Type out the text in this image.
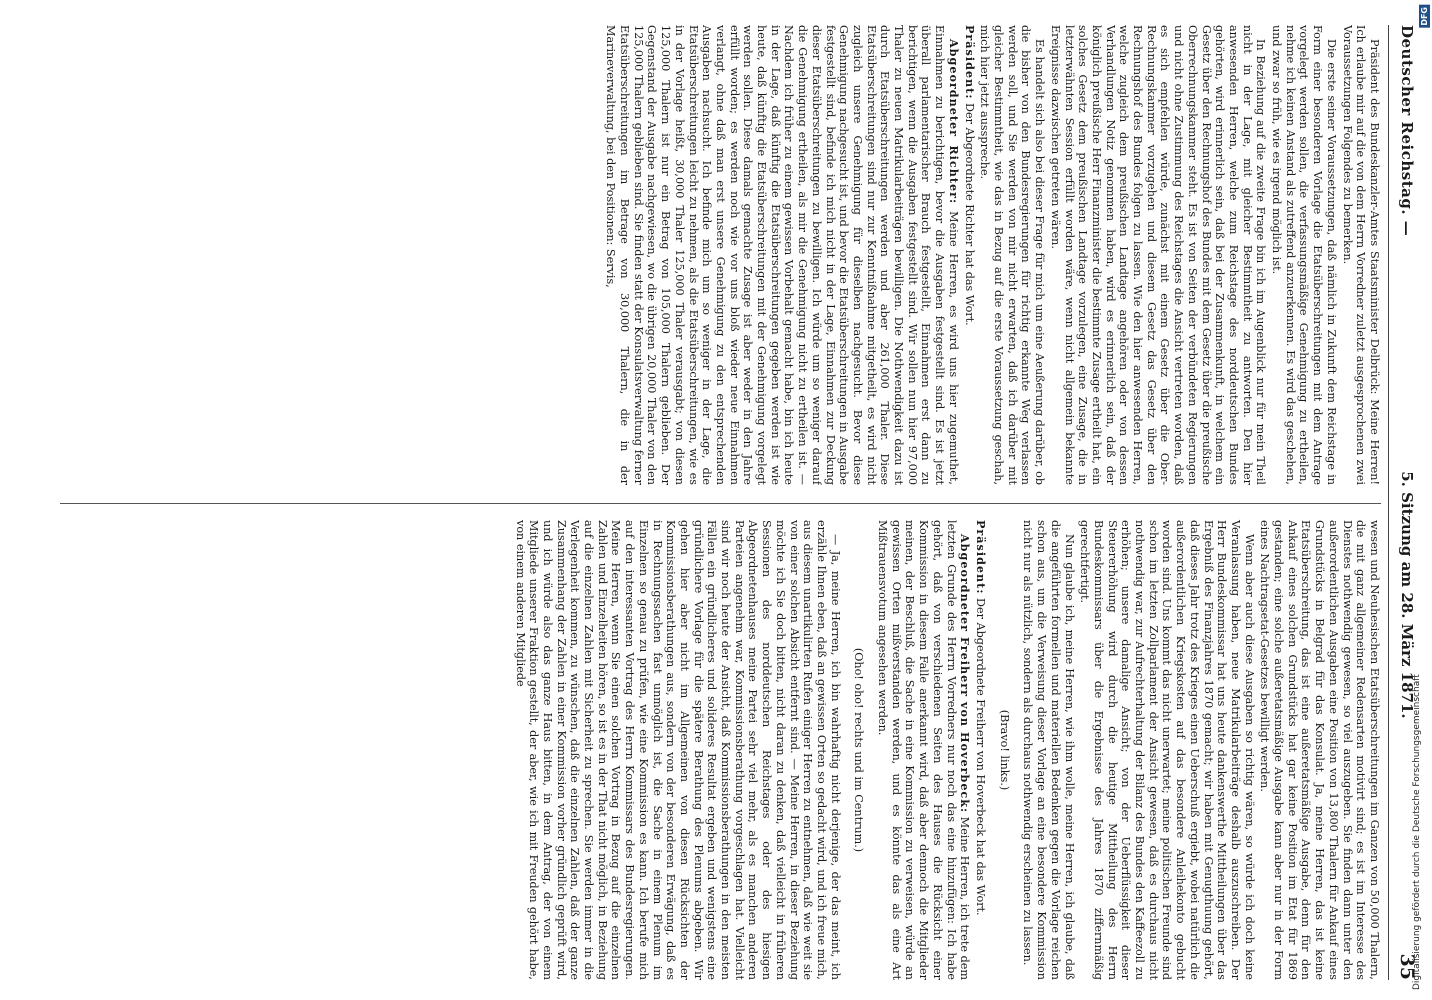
Deutscher Reichstag. —
5. Sitzung am 28. März 1871.
35

Präsident des Bundeskanzler-Amtes Staatsminister Delbrück: Meine Herren! Ich erlaube mir auf die von dem Herrn Vorredner zuletzt ausgesprochenen zwei Voraussetzungen Folgendes zu bemerken.

Die erste seiner Voraussetzungen, daß nämlich in Zukunft dem Reichstage in Form einer besonderen Vorlage die Etatsüberschreitungen mit dem Antrage vorgelegt werden sollen, die verfassungsmäßige Genehmigung zu ertheilen, nehme ich keinen Anstand als zutreffend anzuerkennen. Es wird das geschehen, und zwar so früh, wie es irgend möglich ist.

In Beziehung auf die zweite Frage bin ich im Augenblick nur für mein Theil nicht in der Lage, mit gleicher Bestimmtheit zu antworten. Den hier anwesenden Herren, welche zum Reichstage des norddeutschen Bundes gehörten, wird erinnerlich sein, daß bei der Zusammenkunft, in welchem ein Gesetz über den Rechnungshof des Bundes mit dem Gesetz über die preußische Oberrechnungskammer steht. Es ist von Seiten der verbündeten Regierungen und nicht ohne Zustimmung des Reichstages die Ansicht vertreten worden, daß es sich empfehlen würde, zunächst mit einem Gesetz über die Ober-Rechnungskammer vorzugehen und diesem Gesetz das Gesetz über den Rechnungshof des Bundes folgen zu lassen. Wie den hier anwesenden Herren, welche zugleich dem preußischen Landtage angehören oder von dessen Verhandlungen Notiz genommen haben, wird es erinnerlich sein, daß der königlich preußische Herr Finanzminister die bestimmte Zusage ertheilt hat, ein solches Gesetz dem preußischen Landtage vorzulegen, eine Zusage, die in letzterwähnten Session erfüllt worden wäre, wenn nicht allgemein bekannte Ereignisse dazwischen getreten wären.

Es handelt sich also bei dieser Frage für mich um eine Aeußerung darüber, ob die bisher von den Bundesregierungen für richtig erkannte Weg verlassen werden soll, und Sie werden von mir nicht erwarten, daß ich darüber mit gleicher Bestimmtheit, wie das in Bezug auf die erste Voraussetzung geschah, mich hier jetzt ausspreche.

Präsident: Der Abgeordnete Richter hat das Wort.

Abgeordneter Richter: Meine Herren, es wird uns hier zugemuthet, Einnahmen zu berichtigen, bevor die Ausgaben festgestellt sind. Es ist jetzt überall parlamentarischer Brauch festgestellt, Einnahmen erst dann zu berichtigen, wenn die Ausgaben festgestellt sind. Wir sollen nun hier 97,000 Thaler zu neuen Matrikularbeiträgen bewilligen. Die Nothwendigkeit dazu ist durch Etatsüberschreitungen werden und aber 261,000 Thaler. Diese Etatsüberschreitungen sind nur zur Kenntnißnahme mitgetheilt, es wird nicht zugleich unsere Genehmigung für dieselben nachgesucht. Bevor diese Genehmigung nachgesucht ist, und bevor die Etatsüberschreitungen in Ausgabe festgestellt sind, befinde ich mich nicht in der Lage, Einnahmen zur Deckung dieser Etatsüberschreitungen zu bewilligen. Ich würde um so weniger darauf die Genehmigung ertheilen, als mir die Genehmigung nicht zu ertheilen ist. — Nachdem ich früher zu einem gewissen Vorbehalt gemacht habe, bin ich heute in der Lage, daß künftig die Etatsüberschreitungen gegeben werden ist wie heute, daß künftig die Etatsüberschreitungen mit der Genehmigung vorgelegt werden sollen. Diese damals gemachte Zusage ist aber weder in den Jahre erfüllt worden; es werden noch wie vor uns bloß wieder neue Einnahmen verlangt, ohne daß man erst unsere Genehmigung zu den entsprechenden Ausgaben nachsucht. Ich befinde mich um so weniger in der Lage, die Etatsüberschreitungen leicht zu nehmen, als die Etatsüberschreitungen, wie es in der Vorlage heißt, 30,000 Thaler 125,000 Thaler verausgabt; von diesen 125,000 Thalern ist nur ein Betrag von 105,000 Thalern geblieben. Der Gegenstand der Ausgabe nachgewiesen, wo die übrigen 20,000 Thaler von den 125,000 Thalern geblieben sind. Sie finden statt der Konsulatsverwaltung ferner Etatsüberschreitungen im Betrage von 30,000 Thalern, die in der Marineverwaltung, bei den Positionen: Servis,

wesen und Neuhesischen Etatsüberschreitungen im Ganzen von 50,000 Thalern, die mit ganz allgemeiner Redensarten motivirt sind; es ist im Interesse des Dienstes nothwendig gewesen, so viel auszugeben. Sie finden dann unter den außerordentlichen Ausgaben eine Position von 13,800 Thalern für Ankauf eines Grundstücks in Belgrad für das Konsulat. Ja, meine Herren, das ist keine Etatsüberschreitung, das ist eine außeretatsmäßige Ausgabe, denn für den Ankauf eines solchen Grundstücks hat gar keine Position im Etat für 1869 gestanden; eine solche außeretatsmäßige Ausgabe kann aber nur in der Form eines Nachtragsetat-Gesetzes bewilligt werden.

Wenn aber auch diese Ausgaben so richtig wären, so würde ich doch keine Veranlassung haben, neue Matrikularbeiträge deshalb auszuschreiben. Der Herr Bundeskommissar hat uns heute dankenswerthe Mittheilungen über das Ergebniß des Finanzjahres 1870 gemacht; wir haben mit Genugthuung gehört, daß dieses Jahr trotz des Krieges einen Ueberschuß ergiebt, wobei natürlich die außerordentlichen Kriegskosten auf das besondere Anleihekonto gebucht worden sind. Uns kommt das nicht unerwartet; meine politischen Freunde sind schon im letzten Zollparlament der Ansicht gewesen, daß es durchaus nicht nothwendig war, zur Aufrechterhaltung der Bilanz des Bundes den Kaffeezoll zu erhöhen; unsere damalige Ansicht; von der Ueberflüssigkeit dieser Steuererhöhung wird durch die heutige Mittheilung des Herrn Bundeskommissars über die Ergebnisse des Jahres 1870 ziffernmäßig gerechtfertigt.

Nun glaube ich, meine Herren, wie ihm wolle, meine Herren, ich glaube, daß die angeführten formellen und materiellen Bedenken gegen die Vorlage reichen schon aus, um die Verweisung dieser Vorlage an eine besondere Kommission nicht nur als nützlich, sondern als durchaus nothwendig erscheinen zu lassen.

(Bravo! links.)

Präsident: Der Abgeordnete Freiherr von Hoverbeck hat das Wort.

Abgeordneter Freiherr von Hoverbeck: Meine Herren, ich trete dem letzten Grunde des Herrn Vorredners nur noch das eine hinzufügen: Ich habe gehört, daß von verschiedenen Seiten des Hauses die Rücksicht einer Kommission in diesem Falle anerkannt wird, daß aber dennoch die Mitglieder meinen, der Beschluß, die Sache in eine Kommission zu verweisen, würde an gewissen Orten mißverstanden werden, und es könnte das als eine Art Mißtrauensvotum angesehen werden.

(Oho! oho! rechts und im Centrum.)

— Ja, meine Herren, ich bin wahrhaftig nicht derjenige, der das meint, ich erzähle Ihnen eben, daß an gewissen Orten so gedacht wird, und ich freue mich, aus diesem unartikulirten Rufen einiger Herren zu entnehmen, daß wie weit sie von einer solchen Absicht entfernt sind. — Meine Herren, in dieser Beziehung möchte ich Sie doch bitten, nicht daran zu denken, daß vielleicht in früheren Sessionen des norddeutschen Reichstages oder des hiesigen Abgeordnetenhauses meine Partei sehr viel mehr, als es manchen anderen Parteien angenehm war, Kommissionsberathung vorgeschlagen hat. Vielleicht sind wir noch heute der Ansicht, daß Kommissionsberathungen in den meisten Fällen ein gründlicheres und solideres Resultat ergeben und wenigstens eine gründlichere Vorlage für die spätere Berathung des Plenums abgeben. Wir gehen hier aber nicht im Allgemeinen von diesen Rücksichten der Kommissionsberathungen aus, sondern von der besonderen Erwägung, daß es in Rechnungssachen fast unmöglich ist, die Sache in einem Plenum im Einzelnen so genau zu prüfen, wie eine Kommission es kann. Ich berufe mich auf den interessanten Vortrag des Herrn Kommissars des Bundesregierungen. Meine Herren, wenn Sie einen solchen Vortrag in Bezug auf die einzelnen Zahlen und Einzelheiten hören, so ist es in der That nicht möglich, in Beziehung auf die einzelnen Zahlen mit Sicherheit zu sprechen. Sie werden immer in die Verlegenheit kommen, zu wünschen, daß die einzelnen Zahlen, daß der ganze Zusammenhang der Zahlen in einer Kommission vorher gründlich geprüft wird, und ich würde also das ganze Haus bitten, in dem Antrag, der von einem Mitgliede unserer Fraktion gestellt, der aber, wie ich mit Freuden gehört habe, von einem anderen Mitgliede

Digitalisierung gefördert durch die Deutsche Forschungsgemeinschaft
DFG
